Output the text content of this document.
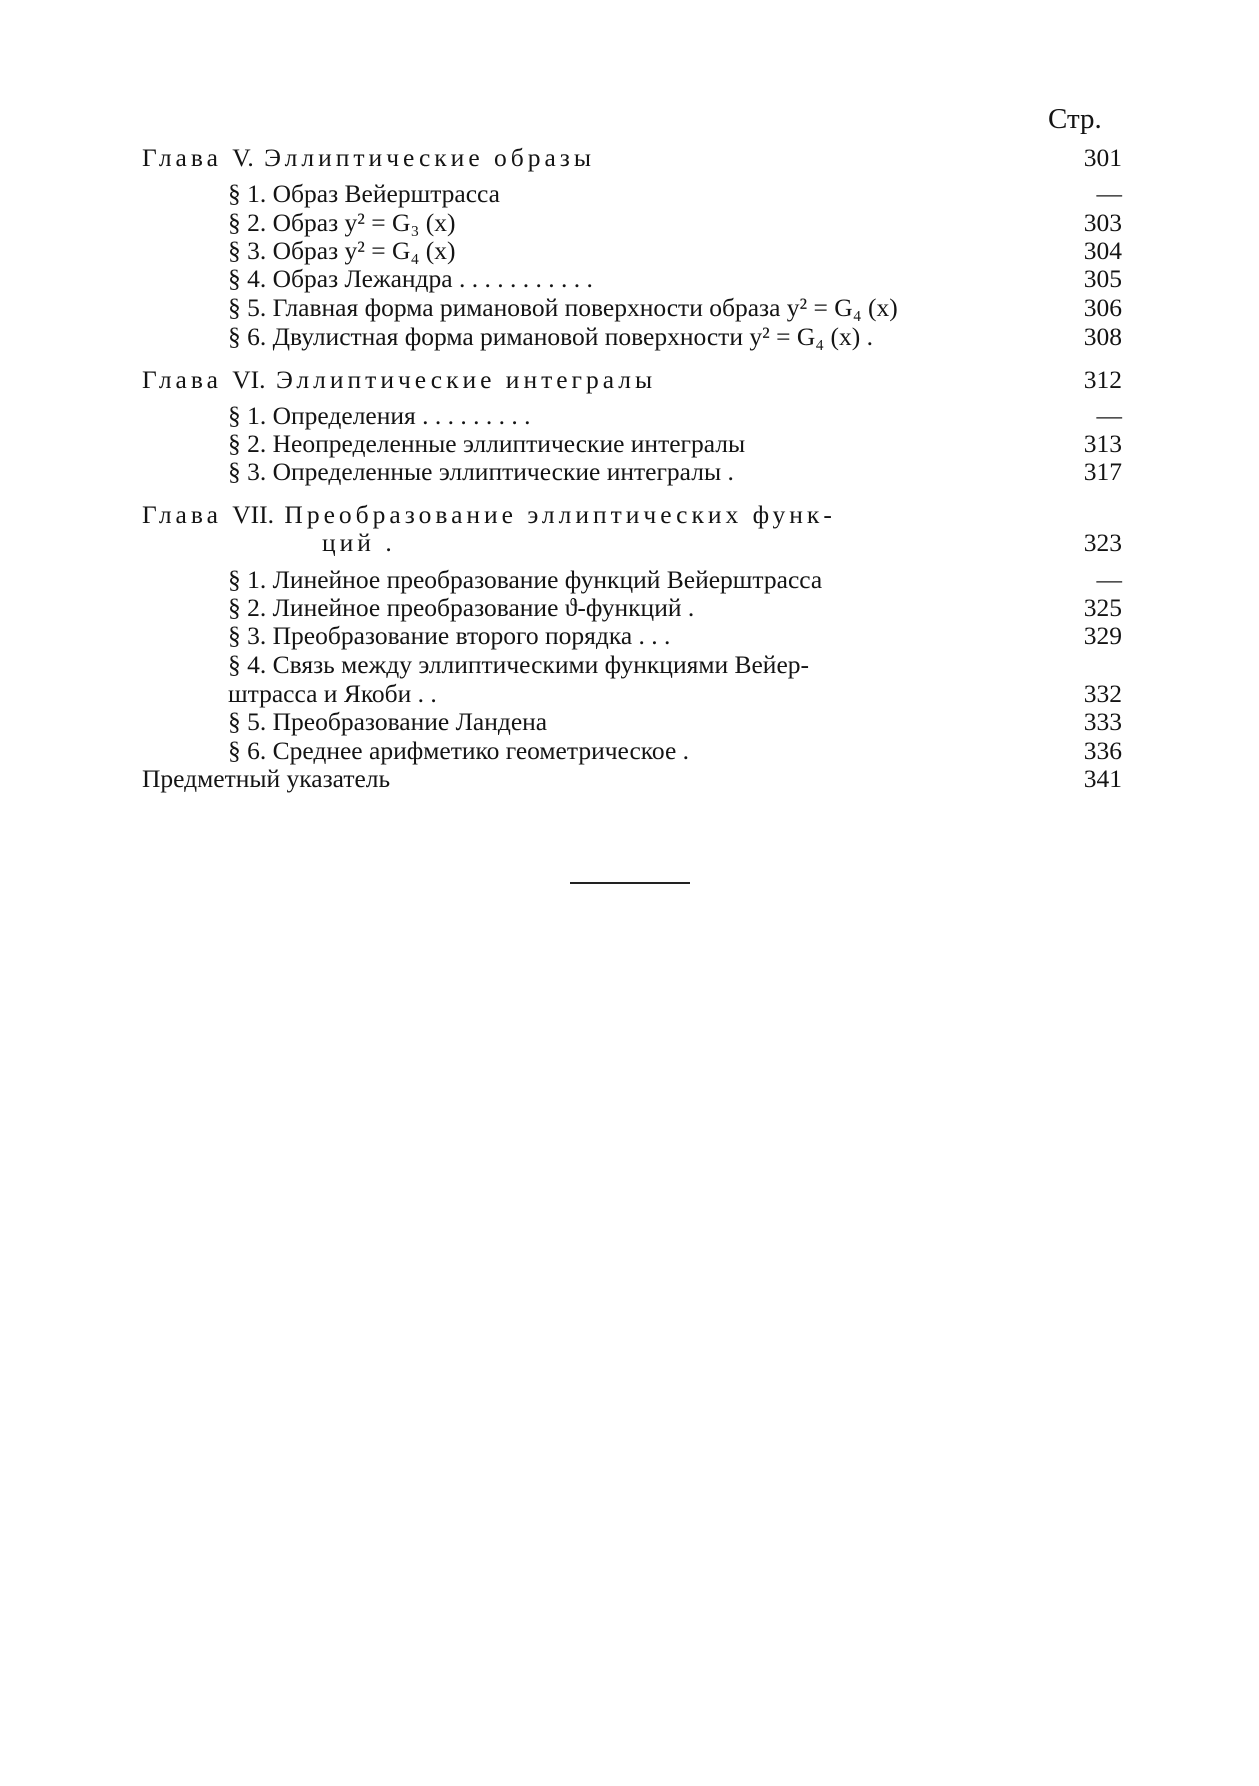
Стр.
Глава V. Эллиптические образы	301
§ 1. Образ Вейерштрасса	—
§ 2. Образ y² = G₃ (x)	303
§ 3. Образ y² = G₄ (x)	304
§ 4. Образ Лежандра . . . . . . . . . . .	305
§ 5. Главная форма римановой поверхности образа y² = G₄ (x)	306
§ 6. Двулистная форма римановой поверхности y² = G₄ (x) .	308
Глава VI. Эллиптические интегралы	312
§ 1. Определения . . . . . . . . .	—
§ 2. Неопределенные эллиптические интегралы	313
§ 3. Определенные эллиптические интегралы .	317
Глава VII. Преобразование эллиптических функ-
ций .	323
§ 1. Линейное преобразование функций Вейерштрасса	—
§ 2. Линейное преобразование ϑ-функций .	325
§ 3. Преобразование второго порядка . . .	329
§ 4. Связь между эллиптическими функциями Вейер-
штрасса и Якоби . .	332
§ 5. Преобразование Ландена	333
§ 6. Среднее арифметико геометрическое .	336
Предметный указатель	341
